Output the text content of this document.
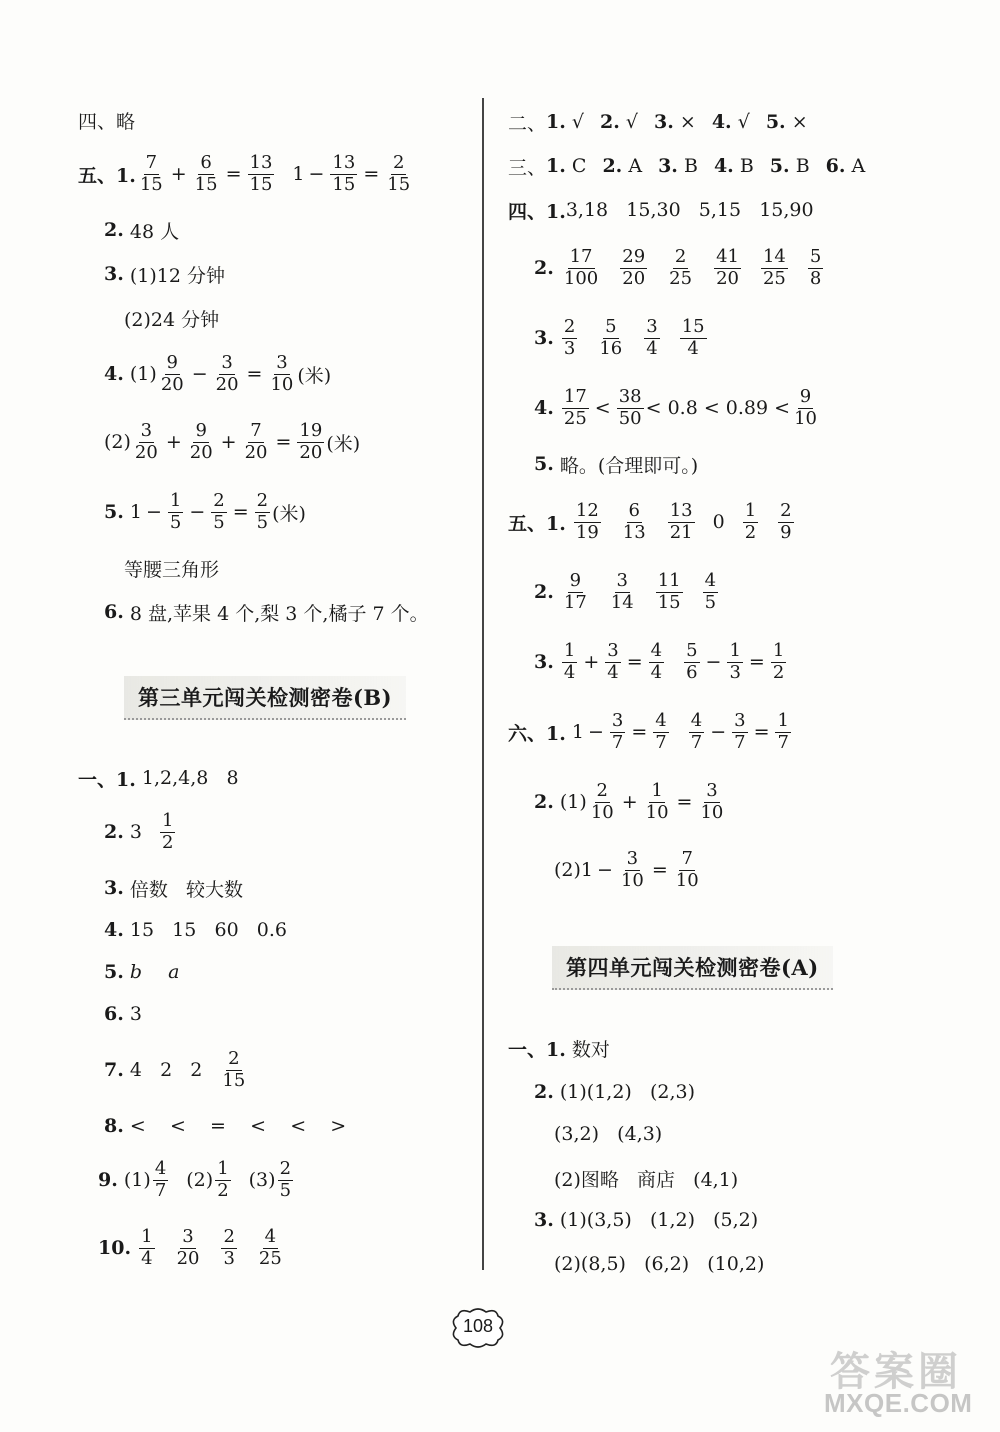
四、略
五、1.
7
$15 + \frac{6}{15} = \frac{13}{15} 1 - \frac{13}{15} = \frac{2}{15}$
2.
48 人
3.
(1)12 分钟
(2)24 分钟
4.
(1)
9
$20 - \frac{3}{20} = \frac{3}{10}$ (米)
(2)
3
$20 + \frac{9}{20} + \frac{7}{20} = \frac{19}{20}$ (米)
5.
$1 - \frac{1}{5} - \frac{2}{5} = \frac{2}{5}$ (米)
等腰三角形
6.
8 盘,苹果 4 个,梨 3 个,橘子 7 个。
第三单元闯关检测密卷(B)
一、1.
1,2,4,8   8
2.
3
1
2
3.
倍数   较大数
4.
15   15   60   0.6
5.
b a
6.
3
7.
4   2   2
2
15
8.
<    <    =    <    <    >
9.
(1)
4
7 (2)
1
2 (3)
2
5
10.

1
4
3
20
2
3
4
25
二、 1.
√ 2.
√ 3.
× 4.
√ 5.
×
三、 1.
C 2.
A 3.
B 4.
B 5.
B 6.
A
四、1. 3,18   15,30   5,15   15,90
2.

17
100
29
20
2
25
41
20
14
25
5
8
3.

2
3
5
16
3
4
15
4
4.

17
25 <
38
50 < 0.8 < 0.89 <
9
10
5.
略。(合理即可。)
五、1.

12
19
6
13
13
21 0
1
2
2
9
2.

9
17
3
14
11
15
4
5
3.

1
$4 + \frac{3}{4} = \frac{4}{4} 5$
$6 - \frac{1}{3} = \frac{1}{2}$
六、1.
$1 - \frac{3}{7} = \frac{4}{7} 4$
$7 - \frac{3}{7} = \frac{1}{7}$
2.
(1)
2
$10 + \frac{1}{10} = \frac{3}{10}$
$(2)1 - \frac{3}{10} = \frac{7}{10}$
第四单元闯关检测密卷(A)
一、1.
数对
2.
(1)(1,2)   (2,3)
(3,2)   (4,3)
(2)图略   商店   (4,1)
3.
(1)(3,5)   (1,2)   (5,2)
(2)(8,5)   (6,2)   (10,2)
108
答案圈
MXQE.COM
